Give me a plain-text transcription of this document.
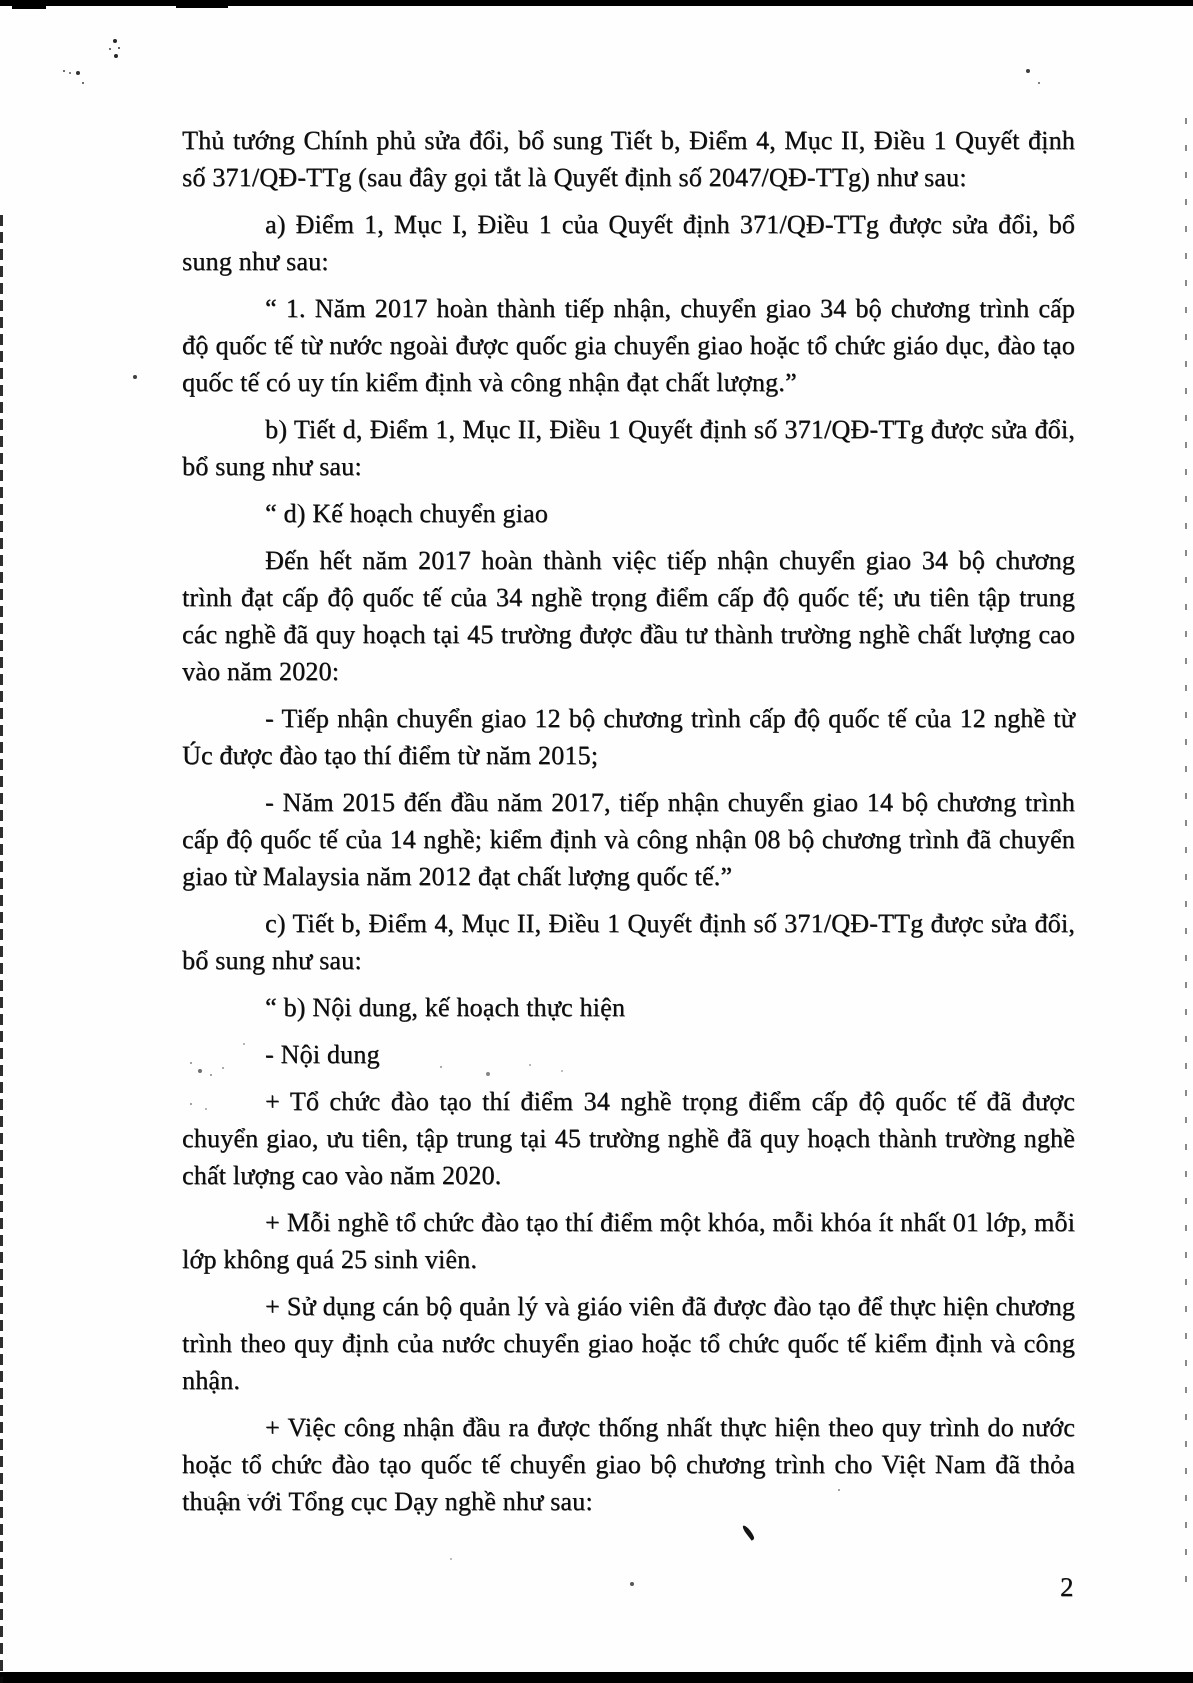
Thủ tướng Chính phủ sửa đổi, bổ sung Tiết b, Điểm 4, Mục II, Điều 1 Quyết định số 371/QĐ-TTg (sau đây gọi tắt là Quyết định số 2047/QĐ-TTg) như sau:

a) Điểm 1, Mục I, Điều 1 của Quyết định 371/QĐ-TTg được sửa đổi, bổ sung như sau:

“ 1. Năm 2017 hoàn thành tiếp nhận, chuyển giao 34 bộ chương trình cấp độ quốc tế từ nước ngoài được quốc gia chuyển giao hoặc tổ chức giáo dục, đào tạo quốc tế có uy tín kiểm định và công nhận đạt chất lượng.”

b) Tiết d, Điểm 1, Mục II, Điều 1 Quyết định số 371/QĐ-TTg được sửa đổi, bổ sung như sau:

“ d) Kế hoạch chuyển giao

Đến hết năm 2017 hoàn thành việc tiếp nhận chuyển giao 34 bộ chương trình đạt cấp độ quốc tế của 34 nghề trọng điểm cấp độ quốc tế; ưu tiên tập trung các nghề đã quy hoạch tại 45 trường được đầu tư thành trường nghề chất lượng cao vào năm 2020:

- Tiếp nhận chuyển giao 12 bộ chương trình cấp độ quốc tế của 12 nghề từ Úc được đào tạo thí điểm từ năm 2015;

- Năm 2015 đến đầu năm 2017, tiếp nhận chuyển giao 14 bộ chương trình cấp độ quốc tế của 14 nghề; kiểm định và công nhận 08 bộ chương trình đã chuyển giao từ Malaysia năm 2012 đạt chất lượng quốc tế.”

c) Tiết b, Điểm 4, Mục II, Điều 1 Quyết định số 371/QĐ-TTg được sửa đổi, bổ sung như sau:

“ b) Nội dung, kế hoạch thực hiện

- Nội dung

+ Tổ chức đào tạo thí điểm 34 nghề trọng điểm cấp độ quốc tế đã được chuyển giao, ưu tiên, tập trung tại 45 trường nghề đã quy hoạch thành trường nghề chất lượng cao vào năm 2020.

+ Mỗi nghề tổ chức đào tạo thí điểm một khóa, mỗi khóa ít nhất 01 lớp, mỗi lớp không quá 25 sinh viên.

+ Sử dụng cán bộ quản lý và giáo viên đã được đào tạo để thực hiện chương trình theo quy định của nước chuyển giao hoặc tổ chức quốc tế kiểm định và công nhận.

+ Việc công nhận đầu ra được thống nhất thực hiện theo quy trình do nước hoặc tổ chức đào tạo quốc tế chuyển giao bộ chương trình cho Việt Nam đã thỏa thuận với Tổng cục Dạy nghề như sau:

2
